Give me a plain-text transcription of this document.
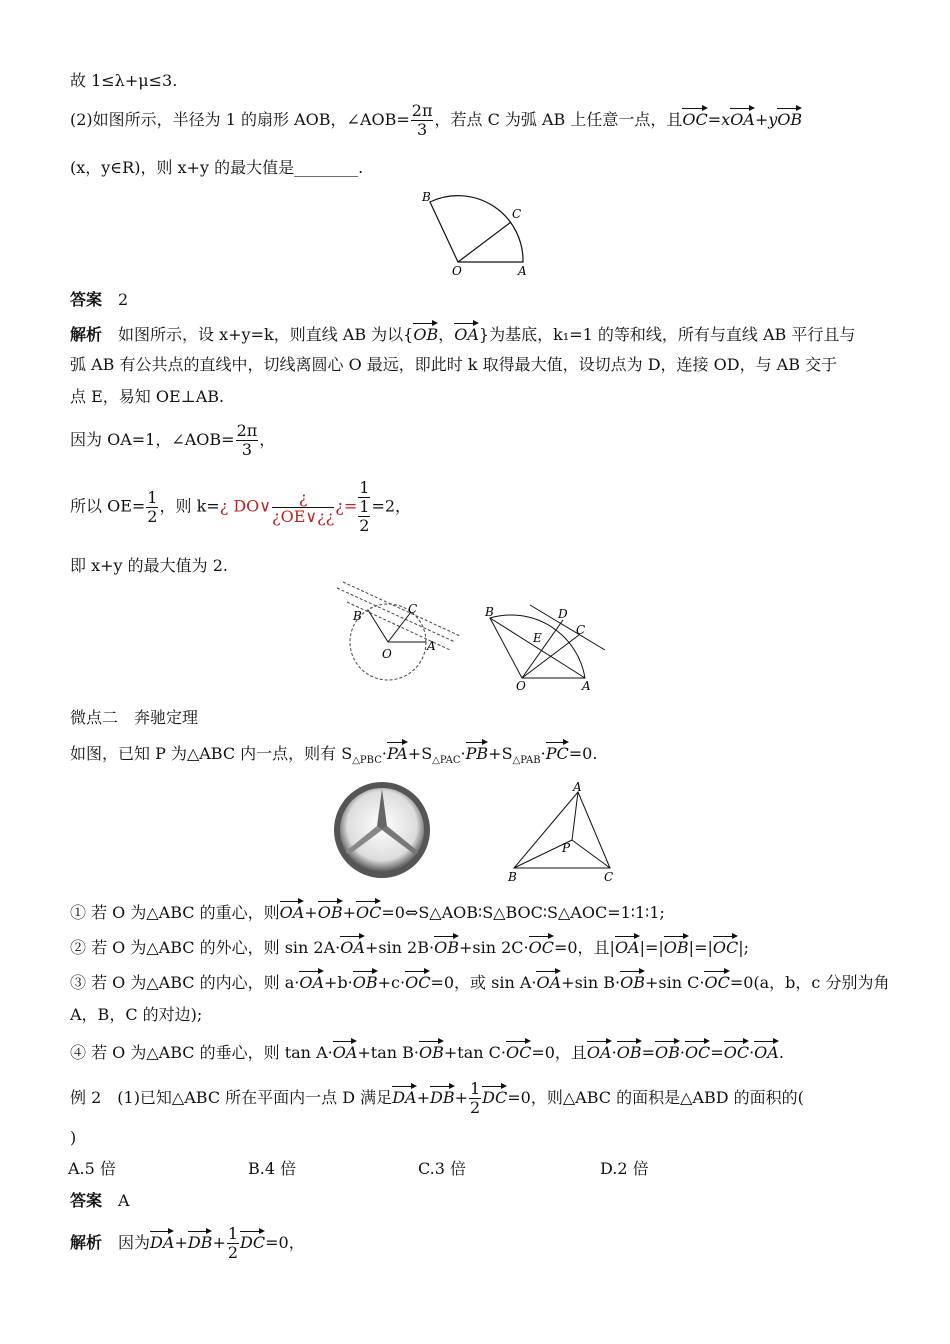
故 1≤λ+μ≤3.
(2)如图所示，半径为 1 的扇形 AOB，∠AOB= $\frac{2\pi}{3}$ ，若点 C 为弧 AB 上任意一点，且OC=xOA+yOB
(x，y∈R)，则 x+y 的最大值是________.
B
C
O	A
答案　 2
解析　 如图所示，设 x+y=k，则直线 AB 为以{OB，OA}为基底，k₁=1 的等和线，所有与直线 AB 平行且与
弧 AB 有公共点的直线中，切线离圆心 O 最远，即此时 k 取得最大值，设切点为 D，连接 OD，与 AB 交于
点 E，易知 OE⊥AB.
因为 OA=1，∠AOB= $\frac{2\pi}{3}$ ，
所以 $OE= \frac{1}{2}$ ，则 k=¿ DO∨ $\frac{¿}{¿OE\vee¿¿}$ ¿= 1
1
2 =2，
即 x+y 的最大值为 2.
B	C
O
A
B	D
E
C
O	A
微点二　奔驰定理
如图，已知 P 为△ABC 内一点，则有 $S_{\triangle PBC}\cdot PA+S_{\triangle PAC}\cdot PB+S_{\triangle PAB}\cdot PC=0$.
A
P
B	C
① 若 O 为△ABC 的重心，则OA+OB+OC=0⇔S△AOB∶S△BOC∶S△AOC=1∶1∶1;
② 若 O 为△ABC 的外心，则 sin 2A·OA+sin 2B·OB+sin 2C·OC=0，且|OA|=|OB|=|OC|;
③ 若 O 为△ABC 的内心，则 a·OA+b·OB+c·OC=0，或 sin A·OA+sin B·OB+sin C·OC=0(a，b，c 分别为角
A，B，C 的对边);
④ 若 O 为△ABC 的垂心，则 tan A·OA+tan B·OB+tan C·OC=0，且OA·OB=OB·OC=OC·OA.
例 2　(1)已知△ABC 所在平面内一点 D 满足$DA+DB+ \frac{1}{2} DC=0$，则△ABC 的面积是△ABD 的面积的(
)
A.5 倍	B.4 倍	C.3 倍	D.2 倍
答案　 A
解析　 因为$DA+DB+ \frac{1}{2} DC=0$，
